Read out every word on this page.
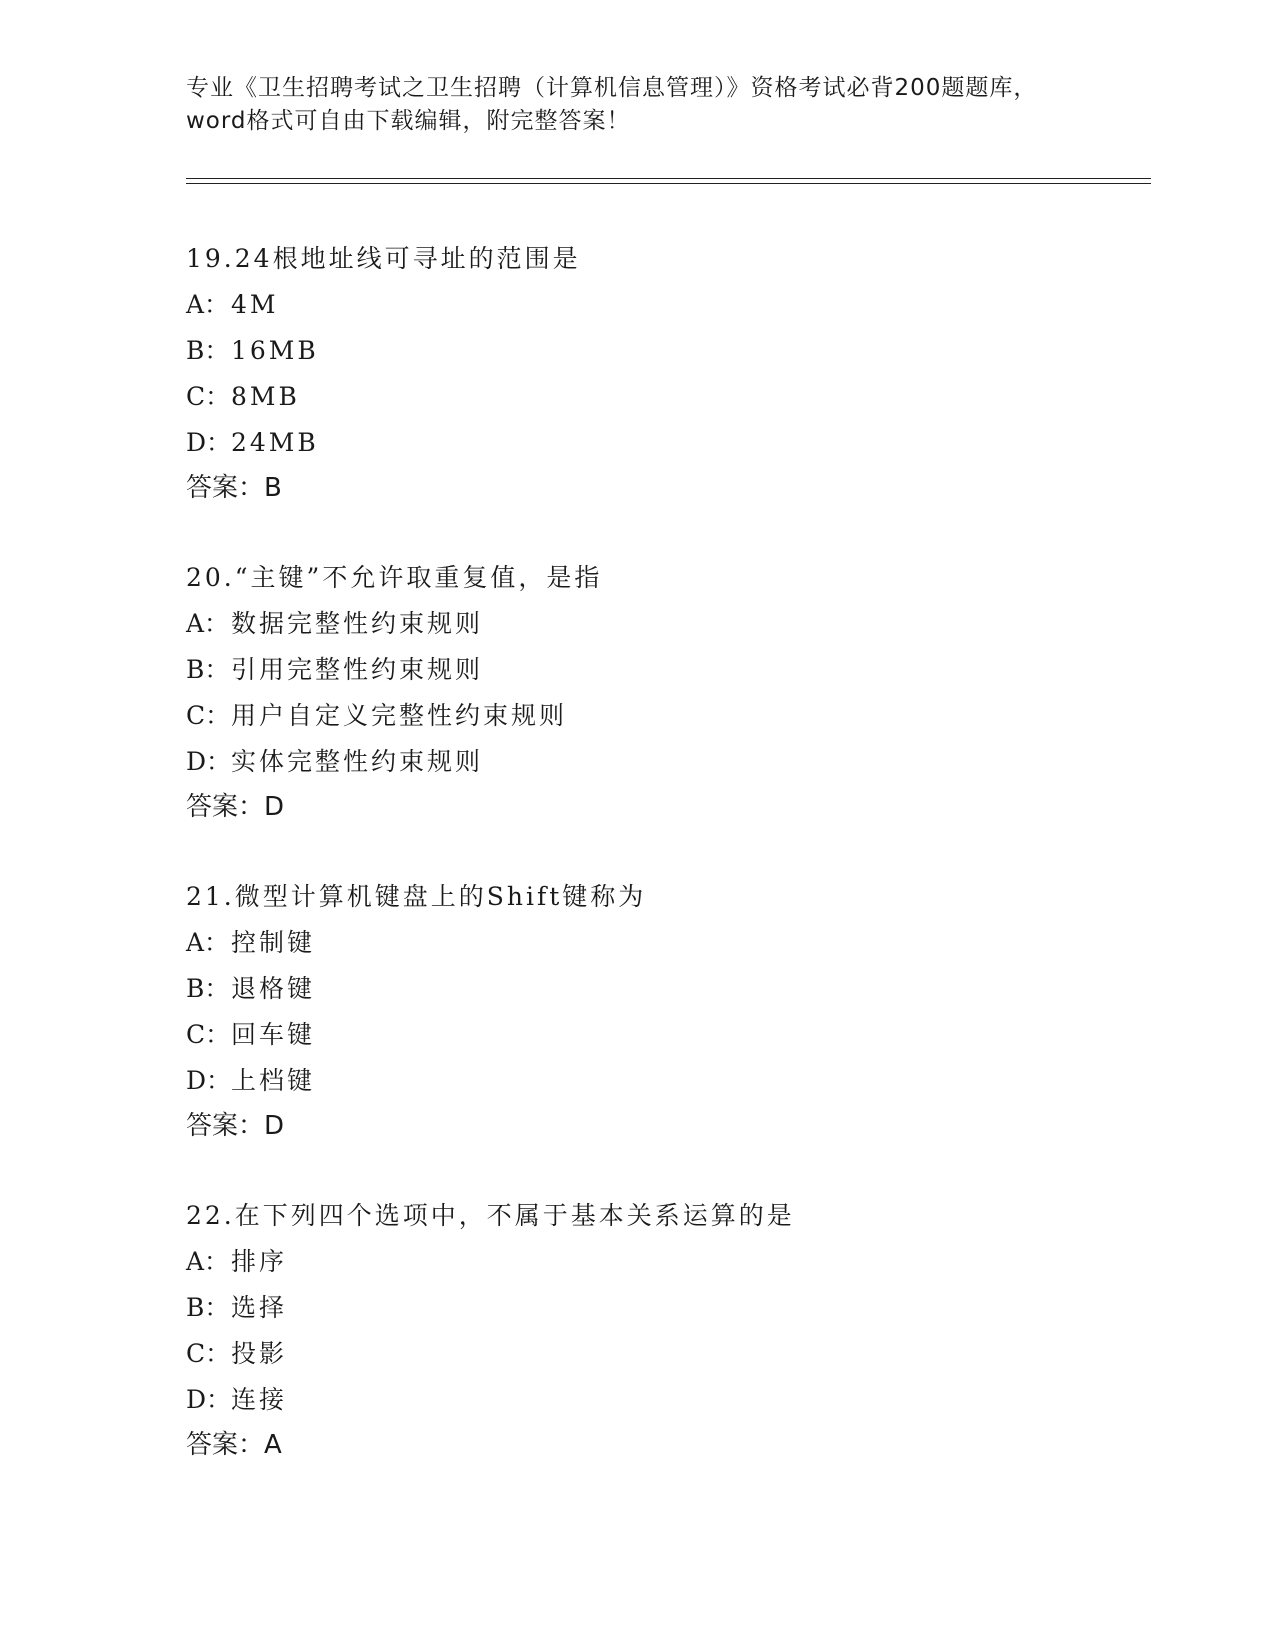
专业《卫生招聘考试之卫生招聘（计算机信息管理）》资格考试必背200题题库，

word格式可自由下载编辑，附完整答案！

19.24根地址线可寻址的范围是
A：4M
B：16MB
C：8MB
D：24MB
答案：B
20.“主键”不允许取重复值，是指
A：数据完整性约束规则
B：引用完整性约束规则
C：用户自定义完整性约束规则
D：实体完整性约束规则
答案：D
21.微型计算机键盘上的Shift键称为
A：控制键
B：退格键
C：回车键
D：上档键
答案：D
22.在下列四个选项中，不属于基本关系运算的是
A：排序
B：选择
C：投影
D：连接
答案：A
